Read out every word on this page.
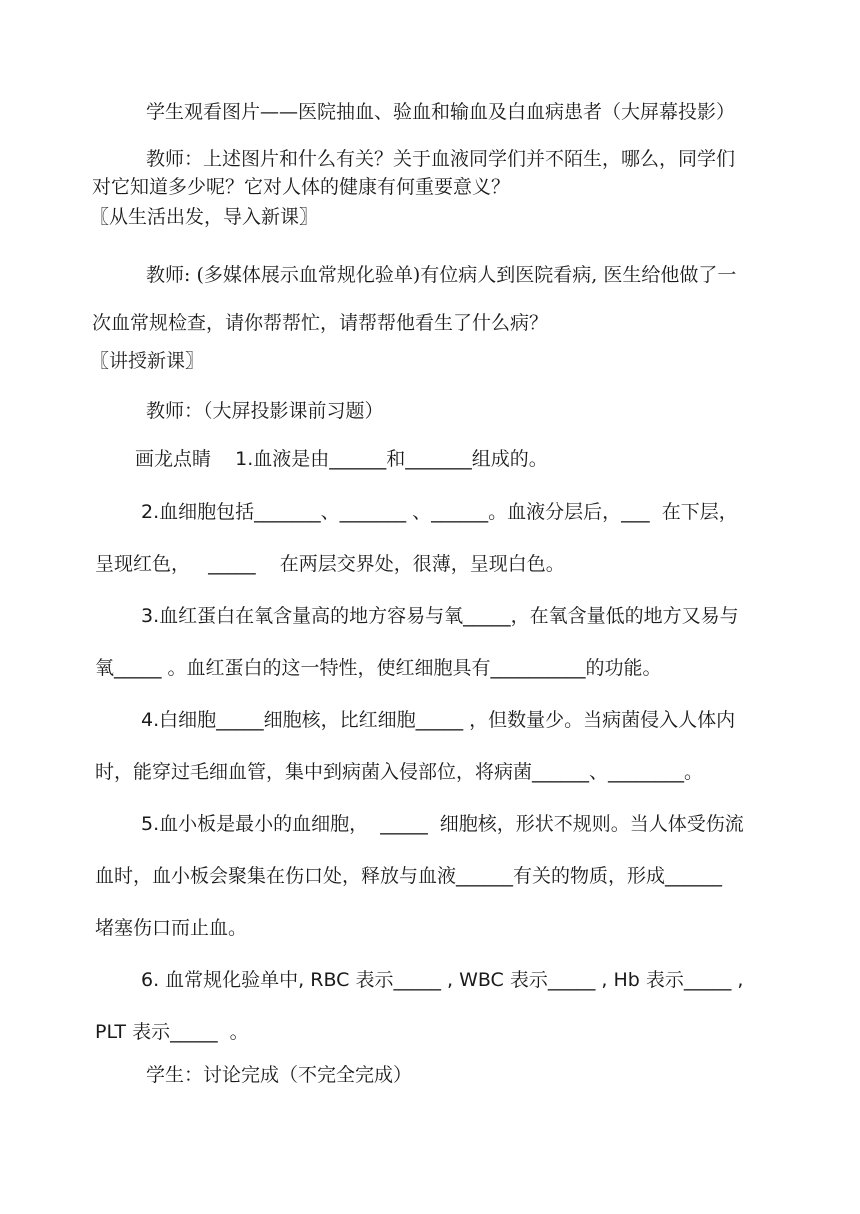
学生观看图片——医院抽血、验血和输血及白血病患者（大屏幕投影）
教师：上述图片和什么有关？关于血液同学们并不陌生，哪么，同学们
对它知道多少呢？它对人体的健康有何重要意义？
〖从生活出发，导入新课〗
教师: (多媒体展示血常规化验单)有位病人到医院看病, 医生给他做了一
次血常规检查，请你帮帮忙，请帮帮他看生了什么病？
〖讲授新课〗
教师：（大屏投影课前习题）
画龙点睛    1.血液是由______和_______组成的。
2.血细胞包括_______、_______ 、______。血液分层后，___  在下层，
呈现红色，   _____    在两层交界处，很薄，呈现白色。
3.血红蛋白在氧含量高的地方容易与氧_____，在氧含量低的地方又易与
氧_____ 。血红蛋白的这一特性，使红细胞具有__________的功能。
4.白细胞_____细胞核，比红细胞_____ ，但数量少。当病菌侵入人体内
时，能穿过毛细血管，集中到病菌入侵部位，将病菌______、________。
5.血小板是最小的血细胞，  _____  细胞核，形状不规则。当人体受伤流
血时，血小板会聚集在伤口处，释放与血液______有关的物质，形成______
堵塞伤口而止血。
6. 血常规化验单中, RBC 表示_____ , WBC 表示_____ , Hb 表示_____ ,
PLT 表示_____  。
学生：讨论完成（不完全完成）
